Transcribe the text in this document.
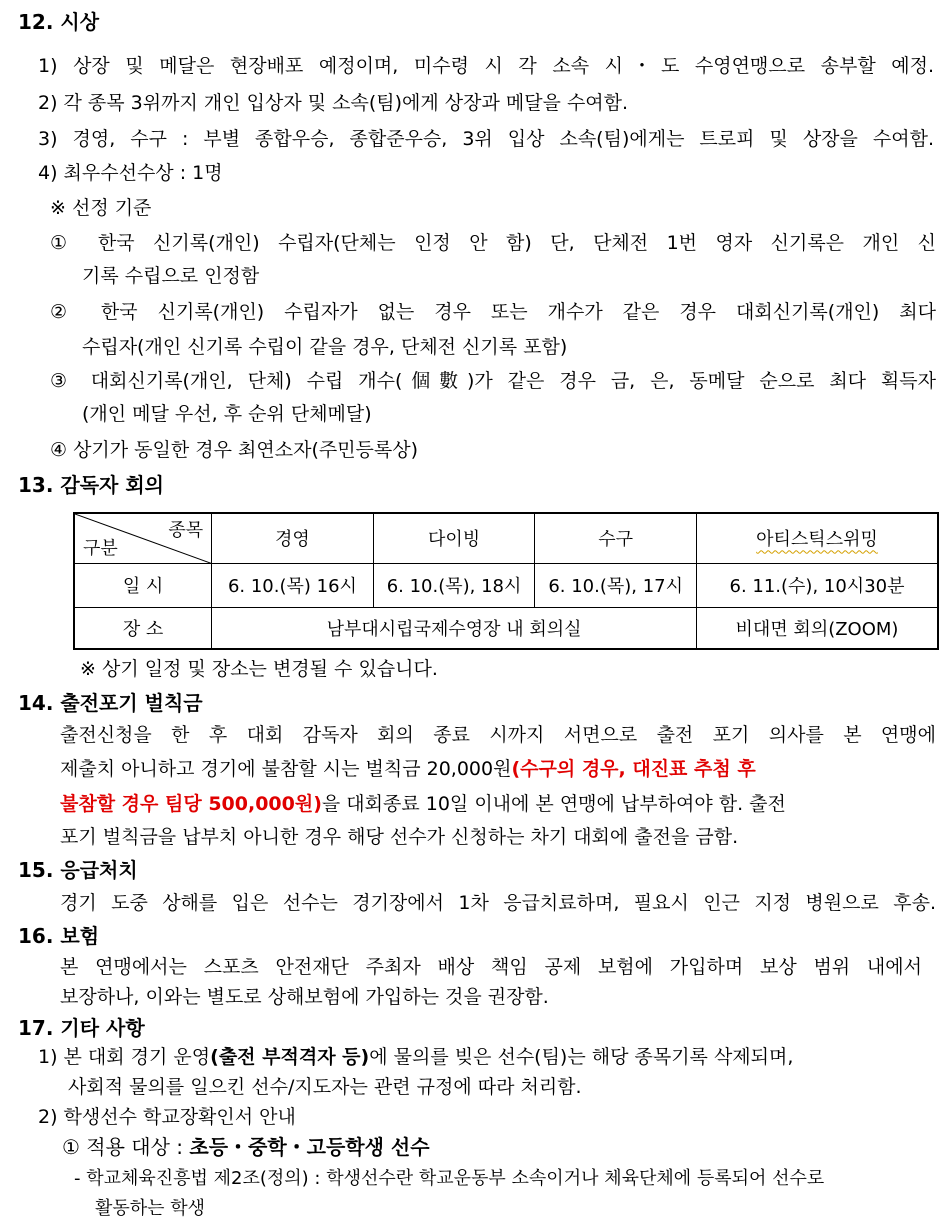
12. 시상
1) 상장 및 메달은 현장배포 예정이며, 미수령 시 각 소속 시・도 수영연맹으로 송부할 예정.
2) 각 종목 3위까지 개인 입상자 및 소속(팀)에게 상장과 메달을 수여함.
3) 경영, 수구 : 부별 종합우승, 종합준우승, 3위 입상 소속(팀)에게는 트로피 및 상장을 수여함.
4) 최우수선수상 : 1명
※ 선정 기준
① 한국 신기록(개인) 수립자(단체는 인정 안 함) 단, 단체전 1번 영자 신기록은 개인 신
기록 수립으로 인정함
② 한국 신기록(개인) 수립자가 없는 경우 또는 개수가 같은 경우 대회신기록(개인) 최다
수립자(개인 신기록 수립이 같을 경우, 단체전 신기록 포함)
③ 대회신기록(개인, 단체) 수립 개수(個數)가 같은 경우 금, 은, 동메달 순으로 최다 획득자
(개인 메달 우선, 후 순위 단체메달)
④ 상기가 동일한 경우 최연소자(주민등록상)
13. 감독자 회의
종목
구분	경영	다이빙	수구	아티스틱스위밍
일 시	6. 10.(목) 16시	6. 10.(목), 18시	6. 10.(목), 17시	6. 11.(수), 10시30분
장 소	남부대시립국제수영장 내 회의실			비대면 회의(ZOOM)
※ 상기 일정 및 장소는 변경될 수 있습니다.
14. 출전포기 벌칙금
출전신청을 한 후 대회 감독자 회의 종료 시까지 서면으로 출전 포기 의사를 본 연맹에
제출치 아니하고 경기에 불참할 시는 벌칙금 20,000원(수구의 경우, 대진표 추첨 후
불참할 경우 팀당 500,000원)을 대회종료 10일 이내에 본 연맹에 납부하여야 함. 출전
포기 벌칙금을 납부치 아니한 경우 해당 선수가 신청하는 차기 대회에 출전을 금함.
15. 응급처치
경기 도중 상해를 입은 선수는 경기장에서 1차 응급치료하며, 필요시 인근 지정 병원으로 후송.
16. 보험
본 연맹에서는 스포츠 안전재단 주최자 배상 책임 공제 보험에 가입하며 보상 범위 내에서
보장하나, 이와는 별도로 상해보험에 가입하는 것을 권장함.
17. 기타 사항
1) 본 대회 경기 운영(출전 부적격자 등)에 물의를 빚은 선수(팀)는 해당 종목기록 삭제되며,
사회적 물의를 일으킨 선수/지도자는 관련 규정에 따라 처리함.
2) 학생선수 학교장확인서 안내
① 적용 대상 : 초등・중학・고등학생 선수
- 학교체육진흥법 제2조(정의) : 학생선수란 학교운동부 소속이거나 체육단체에 등록되어 선수로
활동하는 학생
